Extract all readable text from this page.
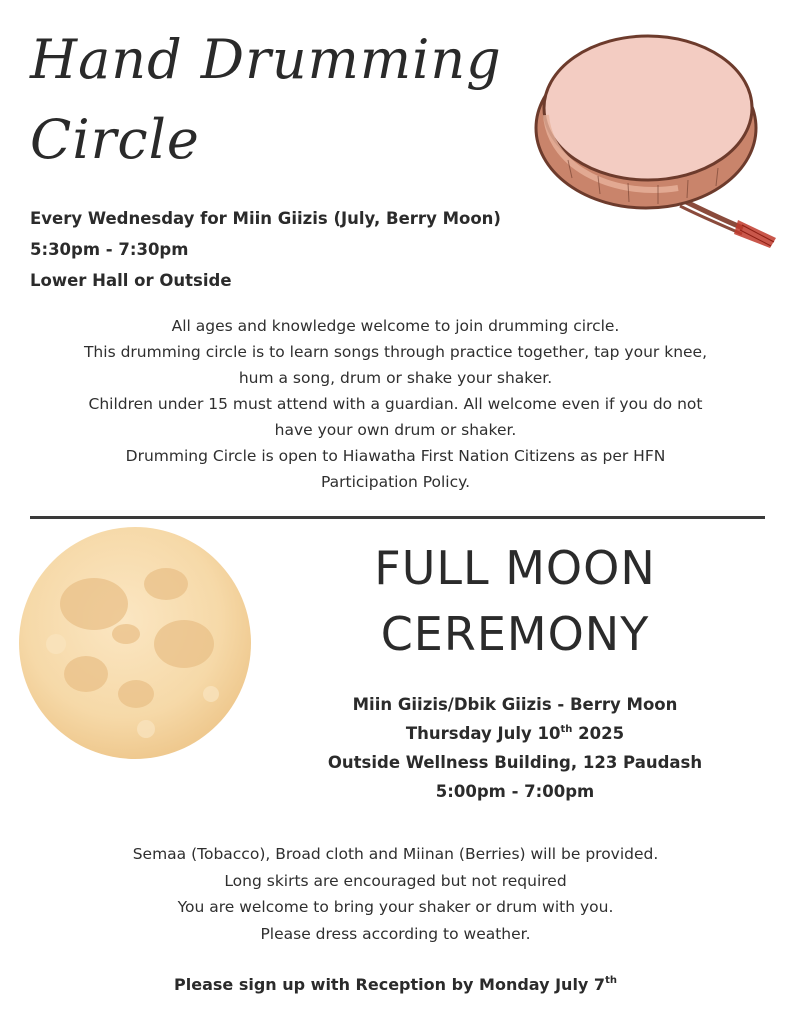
Hand Drumming
Circle
Every Wednesday for Miin Giizis (July, Berry Moon)
5:30pm - 7:30pm
Lower Hall or Outside
All ages and knowledge welcome to join drumming circle.
This drumming circle is to learn songs through practice together, tap your knee,
hum a song, drum or shake your shaker.
Children under 15 must attend with a guardian. All welcome even if you do not
have your own drum or shaker.
Drumming Circle is open to Hiawatha First Nation Citizens as per HFN
Participation Policy.
FULL MOON
CEREMONY
Miin Giizis/Dbik Giizis - Berry Moon
Thursday July 10th 2025
Outside Wellness Building, 123 Paudash
5:00pm - 7:00pm
Semaa (Tobacco), Broad cloth and Miinan (Berries) will be provided.
Long skirts are encouraged but not required
You are welcome to bring your shaker or drum with you.
Please dress according to weather.
Please sign up with Reception by Monday July 7th
